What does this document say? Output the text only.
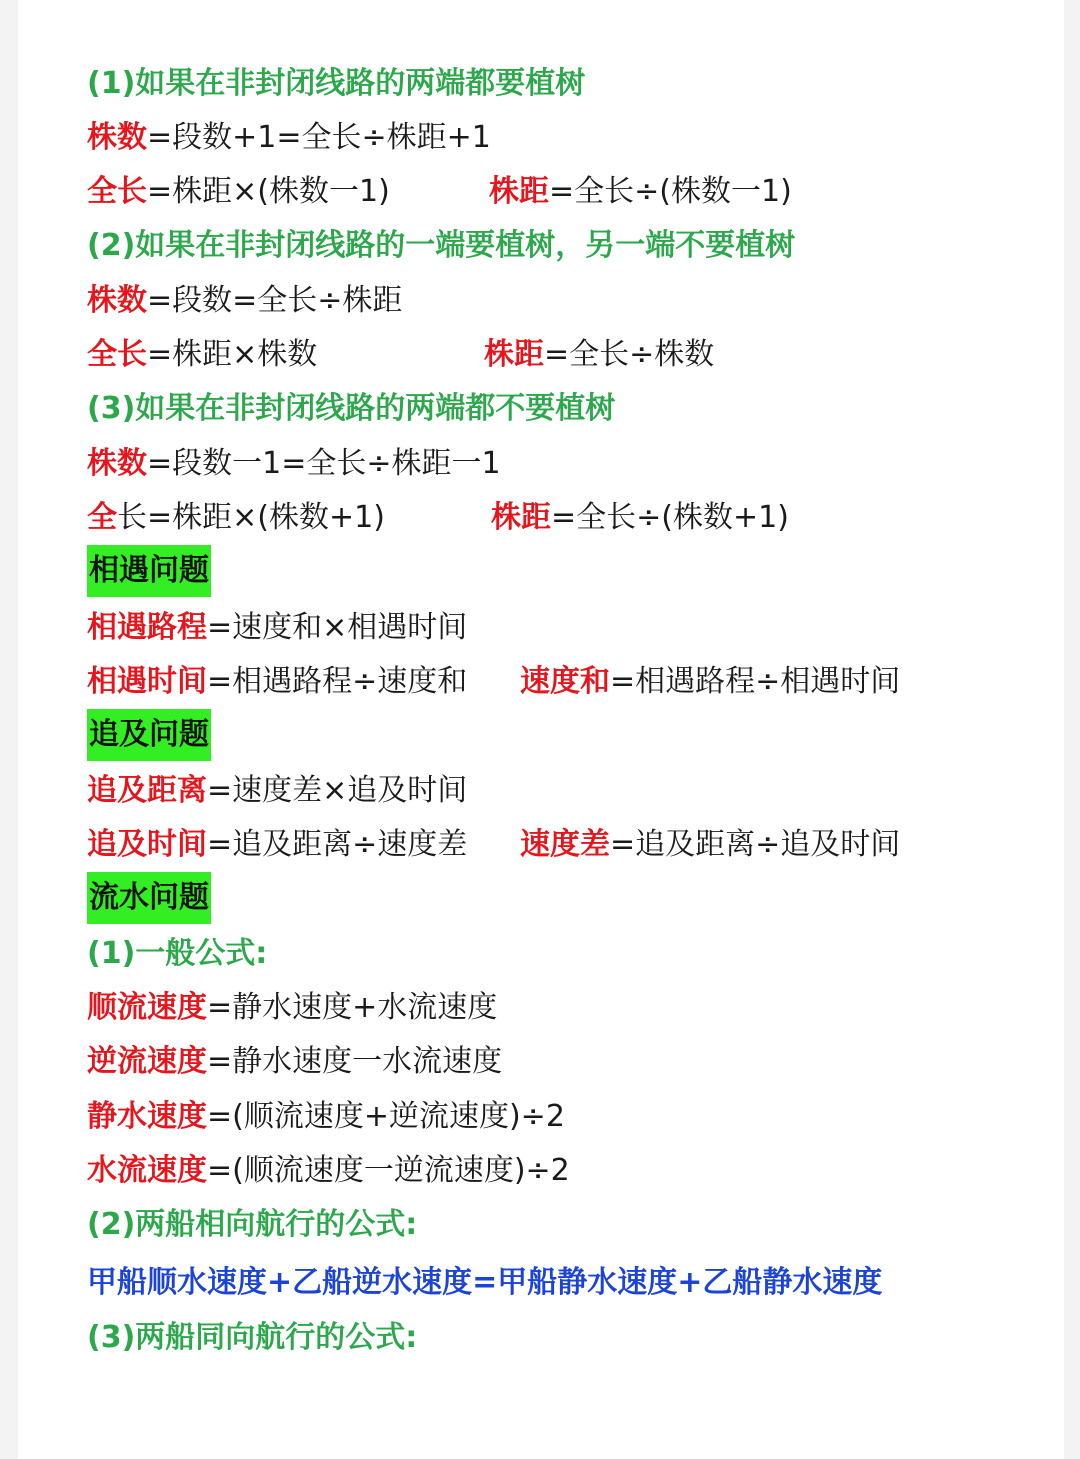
(1)如果在非封闭线路的两端都要植树
株数=段数+1=全长÷株距+1
全长=株距×(株数一1)	株距=全长÷(株数一1)
(2)如果在非封闭线路的一端要植树，另一端不要植树
株数=段数=全长÷株距
全长=株距×株数	株距=全长÷株数
(3)如果在非封闭线路的两端都不要植树
株数=段数一1=全长÷株距一1
全长=株距×(株数+1)	株距=全长÷(株数+1)
相遇问题
相遇路程=速度和×相遇时间
相遇时间=相遇路程÷速度和 速度和=相遇路程÷相遇时间
追及问题
追及距离=速度差×追及时间
追及时间=追及距离÷速度差 速度差=追及距离÷追及时间
流水问题
(1)一般公式:
顺流速度=静水速度+水流速度
逆流速度=静水速度一水流速度
静水速度=(顺流速度+逆流速度)÷2
水流速度=(顺流速度一逆流速度)÷2
(2)两船相向航行的公式:
甲船顺水速度+乙船逆水速度=甲船静水速度+乙船静水速度
(3)两船同向航行的公式:
